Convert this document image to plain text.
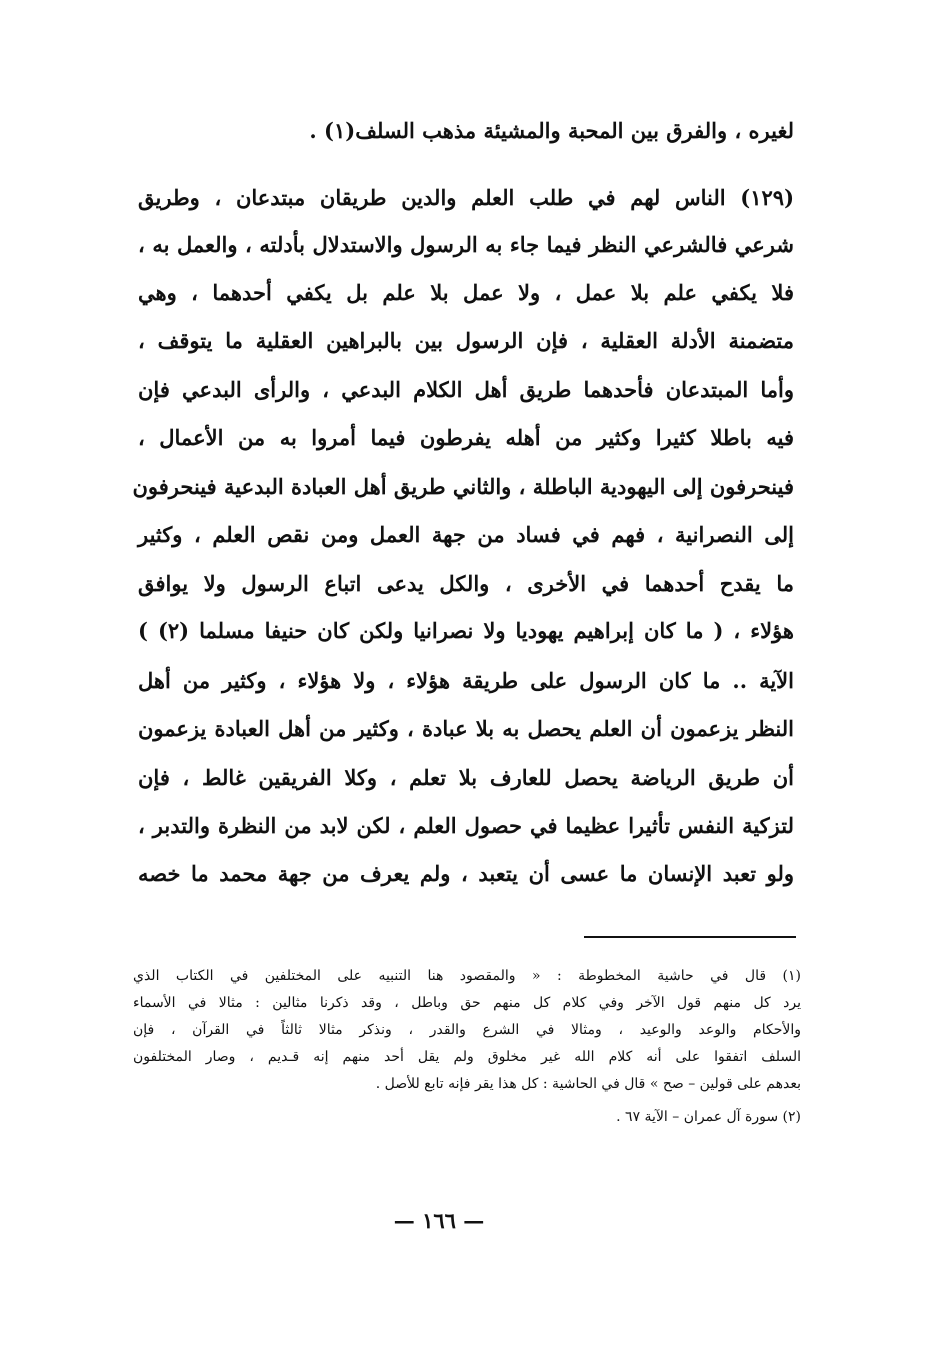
لغيره ، والفرق بين المحبة والمشيئة مذهب السلف(١) .
(١٢٩) الناس لهم في طلب العلم والدين طريقان مبتدعان ، وطريق
شرعي فالشرعي النظر فيما جاء به الرسول والاستدلال بأدلته ، والعمل به ،
فلا يكفي علم بلا عمل ، ولا عمل بلا علم بل يكفي أحدهما ، وهي
متضمنة الأدلة العقلية ، فإن الرسول بين بالبراهين العقلية ما يتوقف ،
وأما المبتدعان فأحدهما طريق أهل الكلام البدعي ، والرأى البدعي فإن
فيه باطلا كثيرا وكثير من أهله يفرطون فيما أمروا به من الأعمال ،
فينحرفون إلى اليهودية الباطلة ، والثاني طريق أهل العبادة البدعية فينحرفون
إلى النصرانية ، فهم في فساد من جهة العمل ومن نقص العلم ، وكثير
ما يقدح أحدهما في الأخرى ، والكل يدعى اتباع الرسول ولا يوافق
هؤلاء ، ( ما كان إبراهيم يهوديا ولا نصرانيا ولكن كان حنيفا مسلما (٢) )
الآية .. ما كان الرسول على طريقة هؤلاء ، ولا هؤلاء ، وكثير من أهل
النظر يزعمون أن العلم يحصل به بلا عبادة ، وكثير من أهل العبادة يزعمون
أن طريق الرياضة يحصل للعارف بلا تعلم ، وكلا الفريقين غالط ، فإن
لتزكية النفس تأثيرا عظيما في حصول العلم ، لكن لابد من النظرة والتدبر ،
ولو تعبد الإنسان ما عسى أن يتعبد ، ولم يعرف من جهة محمد ما خصه
(١) قال في حاشية المخطوطة : « والمقصود هنا التنبيه على المختلفين في الكتاب الذي
يرد كل منهم قول الآخر وفي كلام كل منهم حق وباطل ، وقد ذكرنا مثالين : مثالا في الأسماء
والأحكام والوعد والوعيد ، ومثالا في الشرع والقدر ، ونذكر مثالا ثالثاً في القرآن ، فإن
السلف اتفقوا على أنه كلام الله غير مخلوق ولم يقل أحد منهم إنه قـديم ، وصار المختلفون
بعدهم على قولين – صح » قال في الحاشية : كل هذا يقر فإنه تابع للأصل .
(٢) سورة آل عمران – الآية ٦٧ .
— ١٦٦ —
